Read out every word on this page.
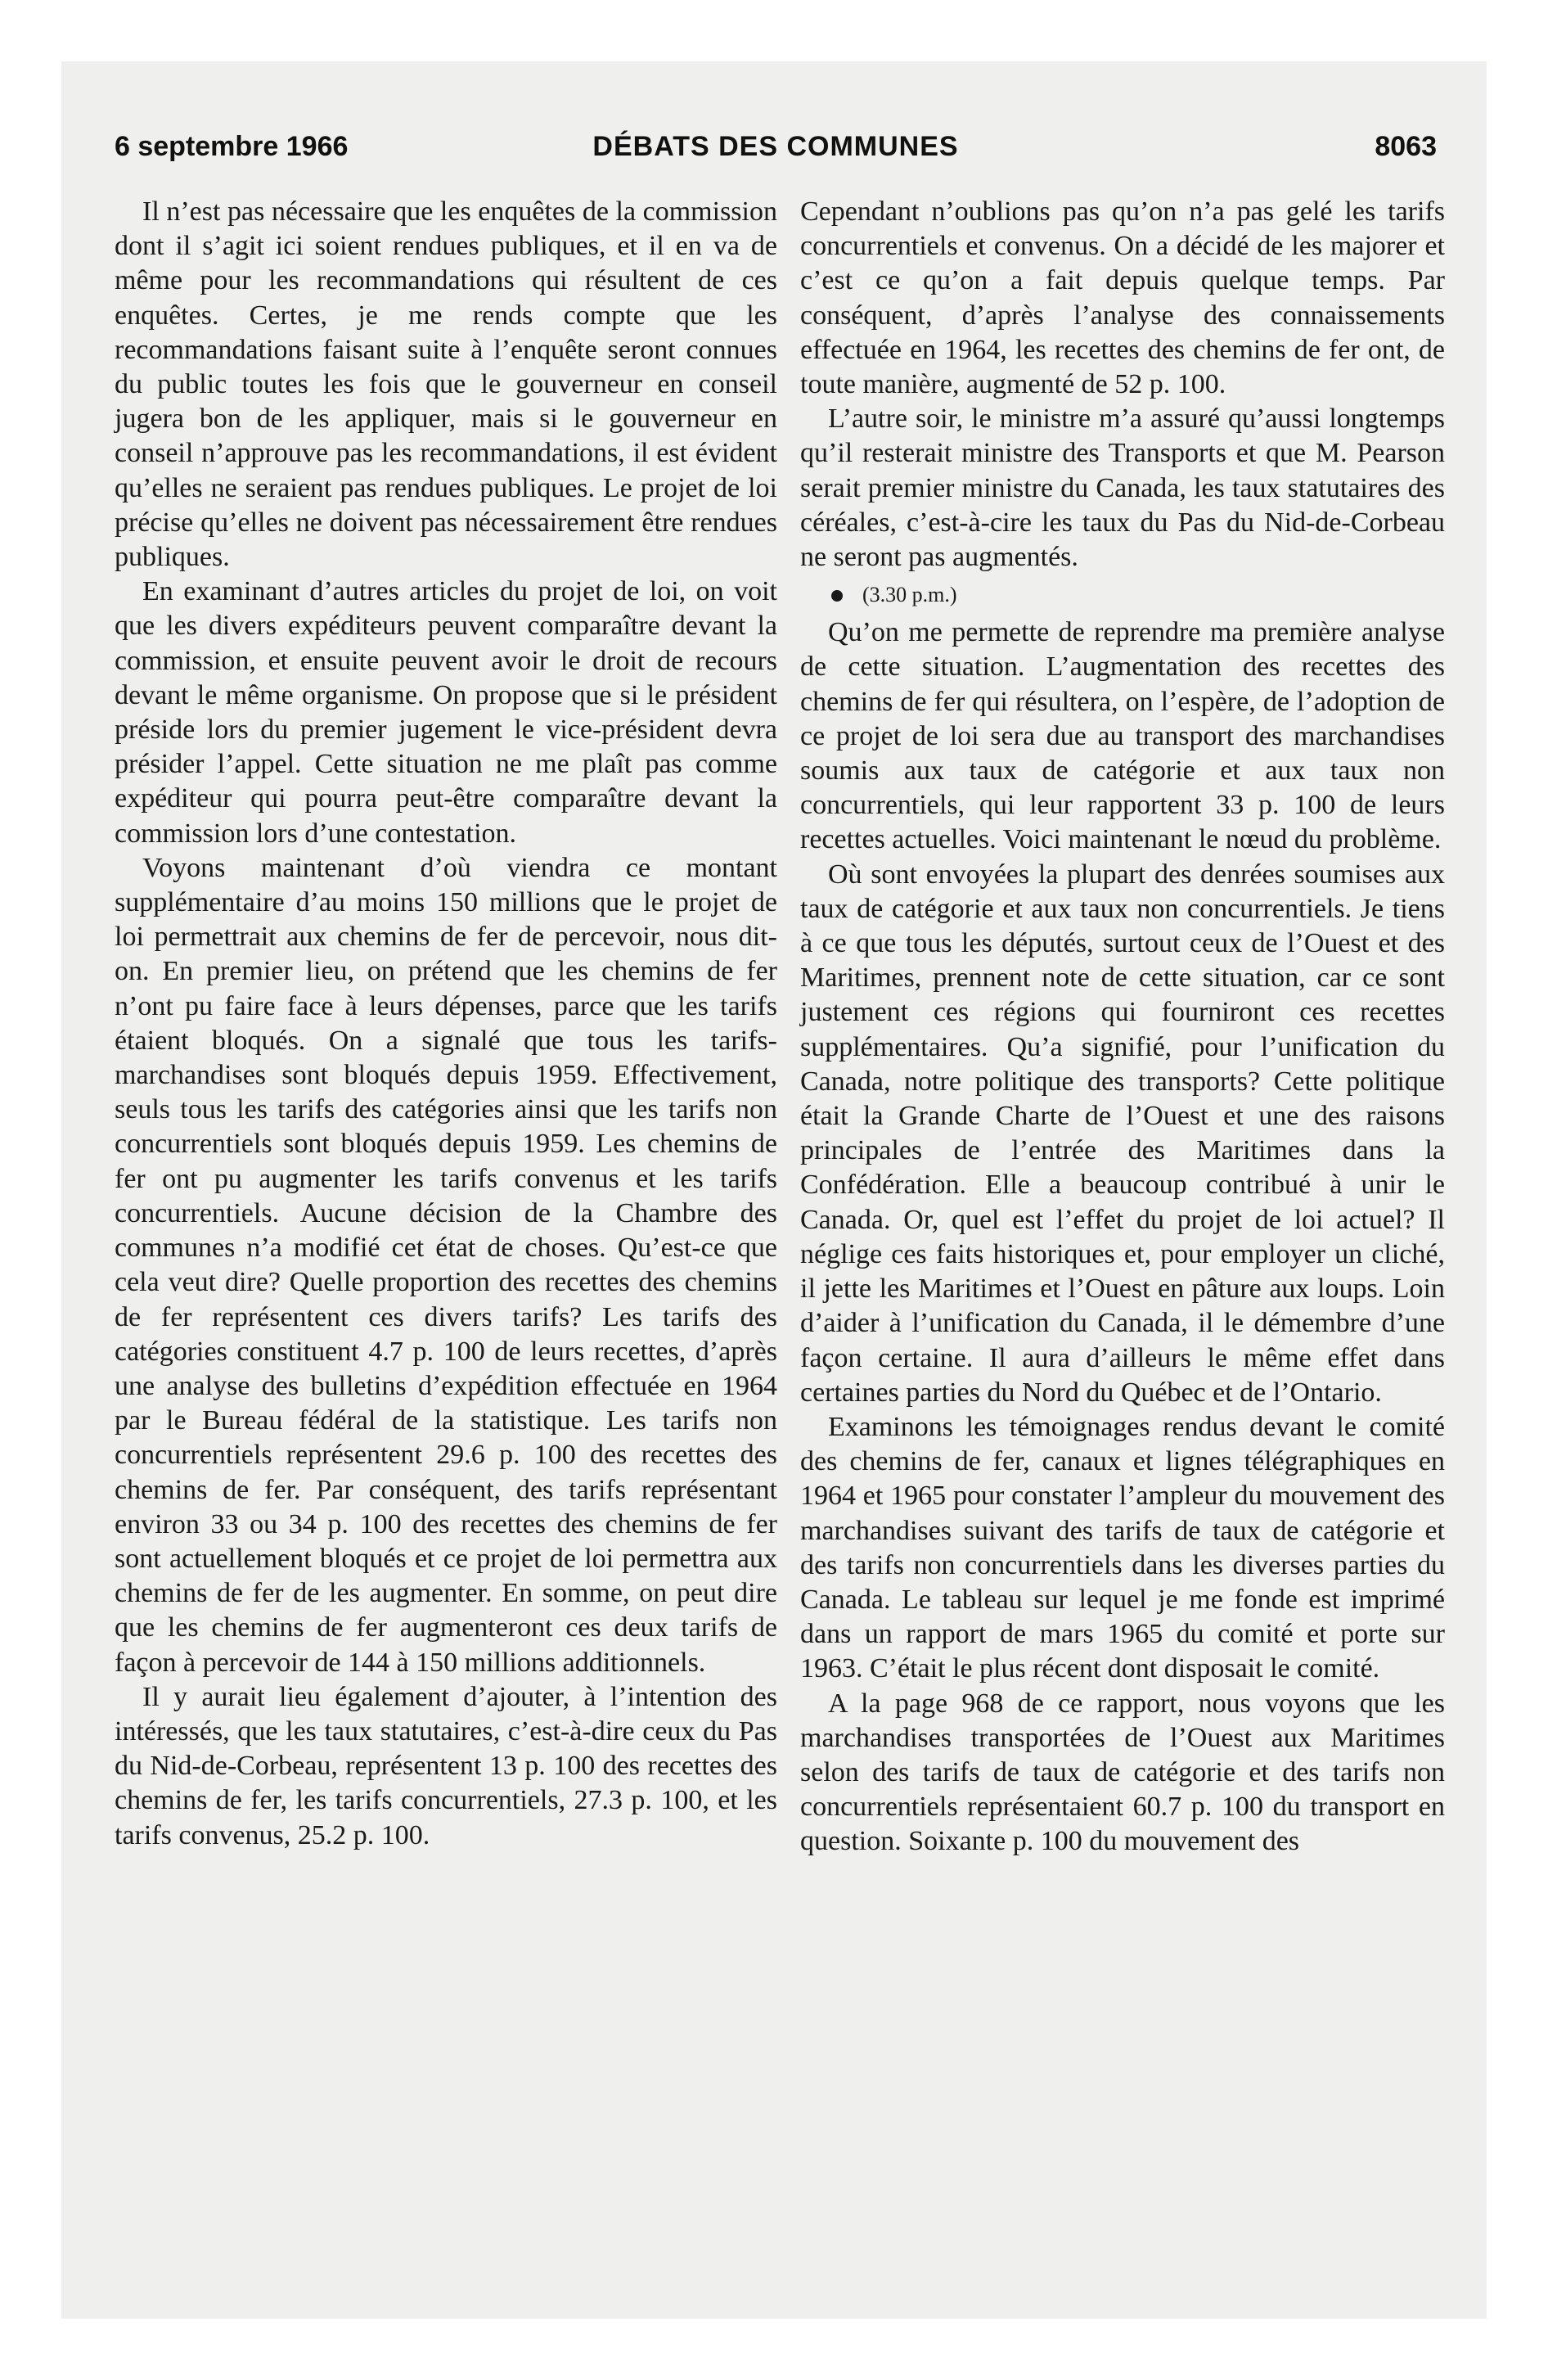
6 septembre 1966	DÉBATS DES COMMUNES	8063

Il n’est pas nécessaire que les enquêtes de la commission dont il s’agit ici soient rendues publiques, et il en va de même pour les recommandations qui résultent de ces enquêtes. Certes, je me rends compte que les recommandations faisant suite à l’enquête seront connues du public toutes les fois que le gouverneur en conseil jugera bon de les appliquer, mais si le gouverneur en conseil n’approuve pas les recommandations, il est évident qu’elles ne seraient pas rendues publiques. Le projet de loi précise qu’elles ne doivent pas nécessairement être rendues publiques.

En examinant d’autres articles du projet de loi, on voit que les divers expéditeurs peuvent comparaître devant la commission, et ensuite peuvent avoir le droit de recours devant le même organisme. On propose que si le président préside lors du premier jugement le vice-président devra présider l’appel. Cette situation ne me plaît pas comme expéditeur qui pourra peut-être comparaître devant la commission lors d’une contestation.

Voyons maintenant d’où viendra ce montant supplémentaire d’au moins 150 millions que le projet de loi permettrait aux chemins de fer de percevoir, nous dit-on. En premier lieu, on prétend que les chemins de fer n’ont pu faire face à leurs dépenses, parce que les tarifs étaient bloqués. On a signalé que tous les tarifs-marchandises sont bloqués depuis 1959. Effectivement, seuls tous les tarifs des catégories ainsi que les tarifs non concurrentiels sont bloqués depuis 1959. Les chemins de fer ont pu augmenter les tarifs convenus et les tarifs concurrentiels. Aucune décision de la Chambre des communes n’a modifié cet état de choses. Qu’est-ce que cela veut dire? Quelle proportion des recettes des chemins de fer représentent ces divers tarifs? Les tarifs des catégories constituent 4.7 p. 100 de leurs recettes, d’après une analyse des bulletins d’expédition effectuée en 1964 par le Bureau fédéral de la statistique. Les tarifs non concurrentiels représentent 29.6 p. 100 des recettes des chemins de fer. Par conséquent, des tarifs représentant environ 33 ou 34 p. 100 des recettes des chemins de fer sont actuellement bloqués et ce projet de loi permettra aux chemins de fer de les augmenter. En somme, on peut dire que les chemins de fer augmenteront ces deux tarifs de façon à percevoir de 144 à 150 millions additionnels.

Il y aurait lieu également d’ajouter, à l’intention des intéressés, que les taux statutaires, c’est-à-dire ceux du Pas du Nid-de-Corbeau, représentent 13 p. 100 des recettes des chemins de fer, les tarifs concurrentiels, 27.3 p. 100, et les tarifs convenus, 25.2 p. 100.

Cependant n’oublions pas qu’on n’a pas gelé les tarifs concurrentiels et convenus. On a décidé de les majorer et c’est ce qu’on a fait depuis quelque temps. Par conséquent, d’après l’analyse des connaissements effectuée en 1964, les recettes des chemins de fer ont, de toute manière, augmenté de 52 p. 100.

L’autre soir, le ministre m’a assuré qu’aussi longtemps qu’il resterait ministre des Transports et que M. Pearson serait premier ministre du Canada, les taux statutaires des céréales, c’est-à-cire les taux du Pas du Nid-de-Corbeau ne seront pas augmentés.

(3.30 p.m.)

Qu’on me permette de reprendre ma première analyse de cette situation. L’augmentation des recettes des chemins de fer qui résultera, on l’espère, de l’adoption de ce projet de loi sera due au transport des marchandises soumis aux taux de catégorie et aux taux non concurrentiels, qui leur rapportent 33 p. 100 de leurs recettes actuelles. Voici maintenant le nœud du problème.

Où sont envoyées la plupart des denrées soumises aux taux de catégorie et aux taux non concurrentiels. Je tiens à ce que tous les députés, surtout ceux de l’Ouest et des Maritimes, prennent note de cette situation, car ce sont justement ces régions qui fourniront ces recettes supplémentaires. Qu’a signifié, pour l’unification du Canada, notre politique des transports? Cette politique était la Grande Charte de l’Ouest et une des raisons principales de l’entrée des Maritimes dans la Confédération. Elle a beaucoup contribué à unir le Canada. Or, quel est l’effet du projet de loi actuel? Il néglige ces faits historiques et, pour employer un cliché, il jette les Maritimes et l’Ouest en pâture aux loups. Loin d’aider à l’unification du Canada, il le démembre d’une façon certaine. Il aura d’ailleurs le même effet dans certaines parties du Nord du Québec et de l’Ontario.

Examinons les témoignages rendus devant le comité des chemins de fer, canaux et lignes télégraphiques en 1964 et 1965 pour constater l’ampleur du mouvement des marchandises suivant des tarifs de taux de catégorie et des tarifs non concurrentiels dans les diverses parties du Canada. Le tableau sur lequel je me fonde est imprimé dans un rapport de mars 1965 du comité et porte sur 1963. C’était le plus récent dont disposait le comité.

A la page 968 de ce rapport, nous voyons que les marchandises transportées de l’Ouest aux Maritimes selon des tarifs de taux de catégorie et des tarifs non concurrentiels représentaient 60.7 p. 100 du transport en question. Soixante p. 100 du mouvement des
